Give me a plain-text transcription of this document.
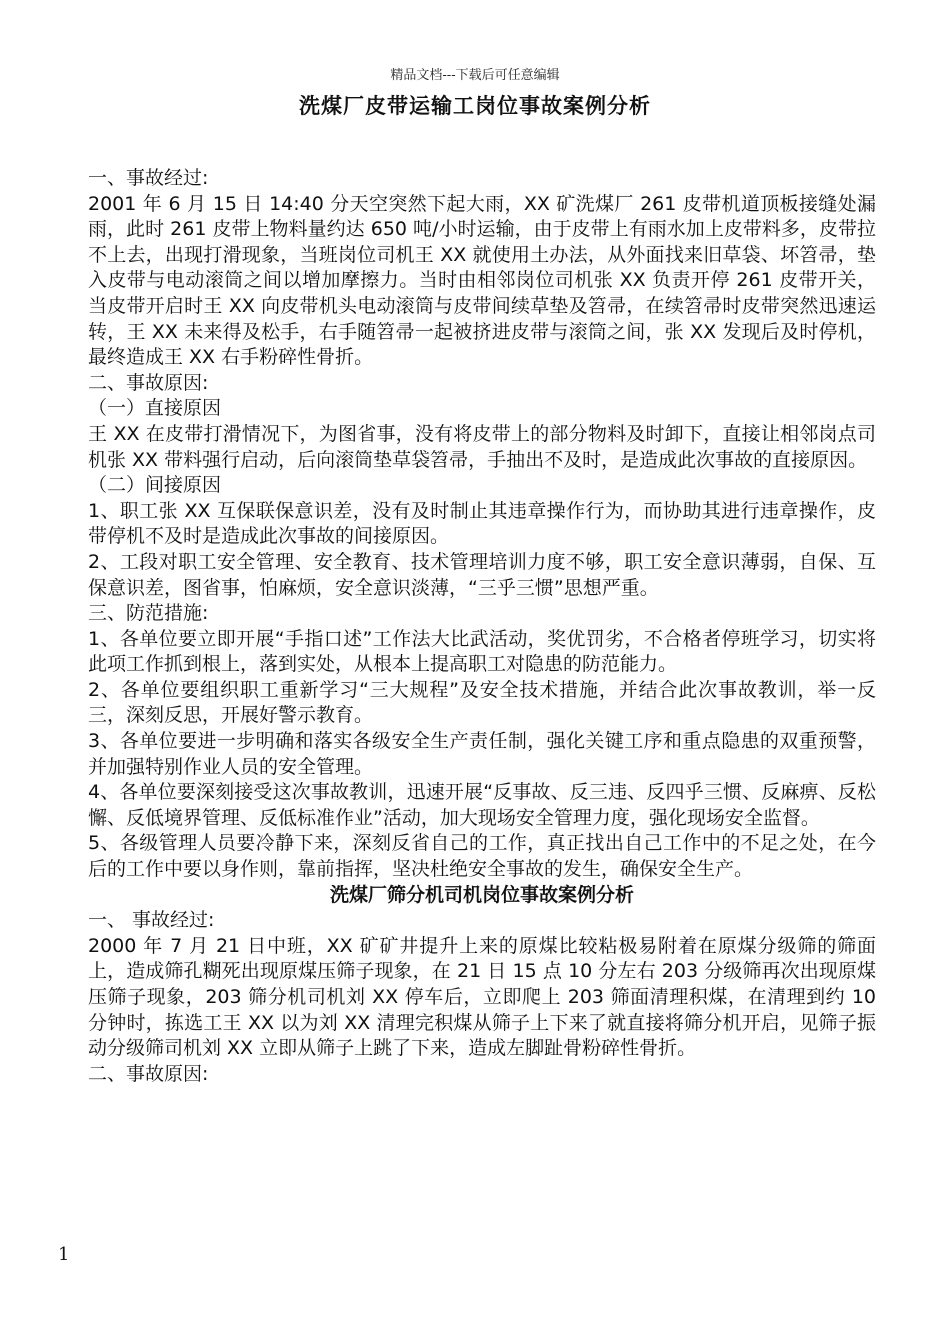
精品文档---下载后可任意编辑
洗煤厂皮带运输工岗位事故案例分析

一、事故经过:

2001 年 6 月 15 日 14:40 分天空突然下起大雨，XX 矿洗煤厂 261 皮带机道顶板接缝处漏雨，此时 261 皮带上物料量约达 650 吨/小时运输，由于皮带上有雨水加上皮带料多，皮带拉不上去，出现打滑现象，当班岗位司机王 XX 就使用土办法，从外面找来旧草袋、坏笤帚，垫入皮带与电动滚筒之间以增加摩擦力。当时由相邻岗位司机张 XX 负责开停 261 皮带开关，当皮带开启时王 XX 向皮带机头电动滚筒与皮带间续草垫及笤帚，在续笤帚时皮带突然迅速运转，王 XX 未来得及松手，右手随笤帚一起被挤进皮带与滚筒之间，张 XX 发现后及时停机，最终造成王 XX 右手粉碎性骨折。

二、事故原因:

（一）直接原因

王 XX 在皮带打滑情况下，为图省事，没有将皮带上的部分物料及时卸下，直接让相邻岗点司机张 XX 带料强行启动，后向滚筒垫草袋笤帚，手抽出不及时，是造成此次事故的直接原因。

（二）间接原因

1、职工张 XX 互保联保意识差，没有及时制止其违章操作行为，而协助其进行违章操作，皮带停机不及时是造成此次事故的间接原因。

2、工段对职工安全管理、安全教育、技术管理培训力度不够，职工安全意识薄弱，自保、互保意识差，图省事，怕麻烦，安全意识淡薄，“三乎三惯”思想严重。

三、防范措施:

1、各单位要立即开展“手指口述”工作法大比武活动，奖优罚劣，不合格者停班学习，切实将此项工作抓到根上，落到实处，从根本上提高职工对隐患的防范能力。

2、各单位要组织职工重新学习“三大规程”及安全技术措施，并结合此次事故教训，举一反三，深刻反思，开展好警示教育。

3、各单位要进一步明确和落实各级安全生产责任制，强化关键工序和重点隐患的双重预警，并加强特别作业人员的安全管理。

4、各单位要深刻接受这次事故教训，迅速开展“反事故、反三违、反四乎三惯、反麻痹、反松懈、反低境界管理、反低标准作业”活动，加大现场安全管理力度，强化现场安全监督。

5、各级管理人员要冷静下来，深刻反省自己的工作，真正找出自己工作中的不足之处，在今后的工作中要以身作则，靠前指挥，坚决杜绝安全事故的发生，确保安全生产。

洗煤厂筛分机司机岗位事故案例分析

一、 事故经过:

2000 年 7 月 21 日中班，XX 矿矿井提升上来的原煤比较粘极易附着在原煤分级筛的筛面上，造成筛孔糊死出现原煤压筛子现象，在 21 日 15 点 10 分左右 203 分级筛再次出现原煤压筛子现象，203 筛分机司机刘 XX 停车后，立即爬上 203 筛面清理积煤，在清理到约 10 分钟时，拣选工王 XX 以为刘 XX 清理完积煤从筛子上下来了就直接将筛分机开启，见筛子振动分级筛司机刘 XX 立即从筛子上跳了下来，造成左脚趾骨粉碎性骨折。

二、事故原因:

1
